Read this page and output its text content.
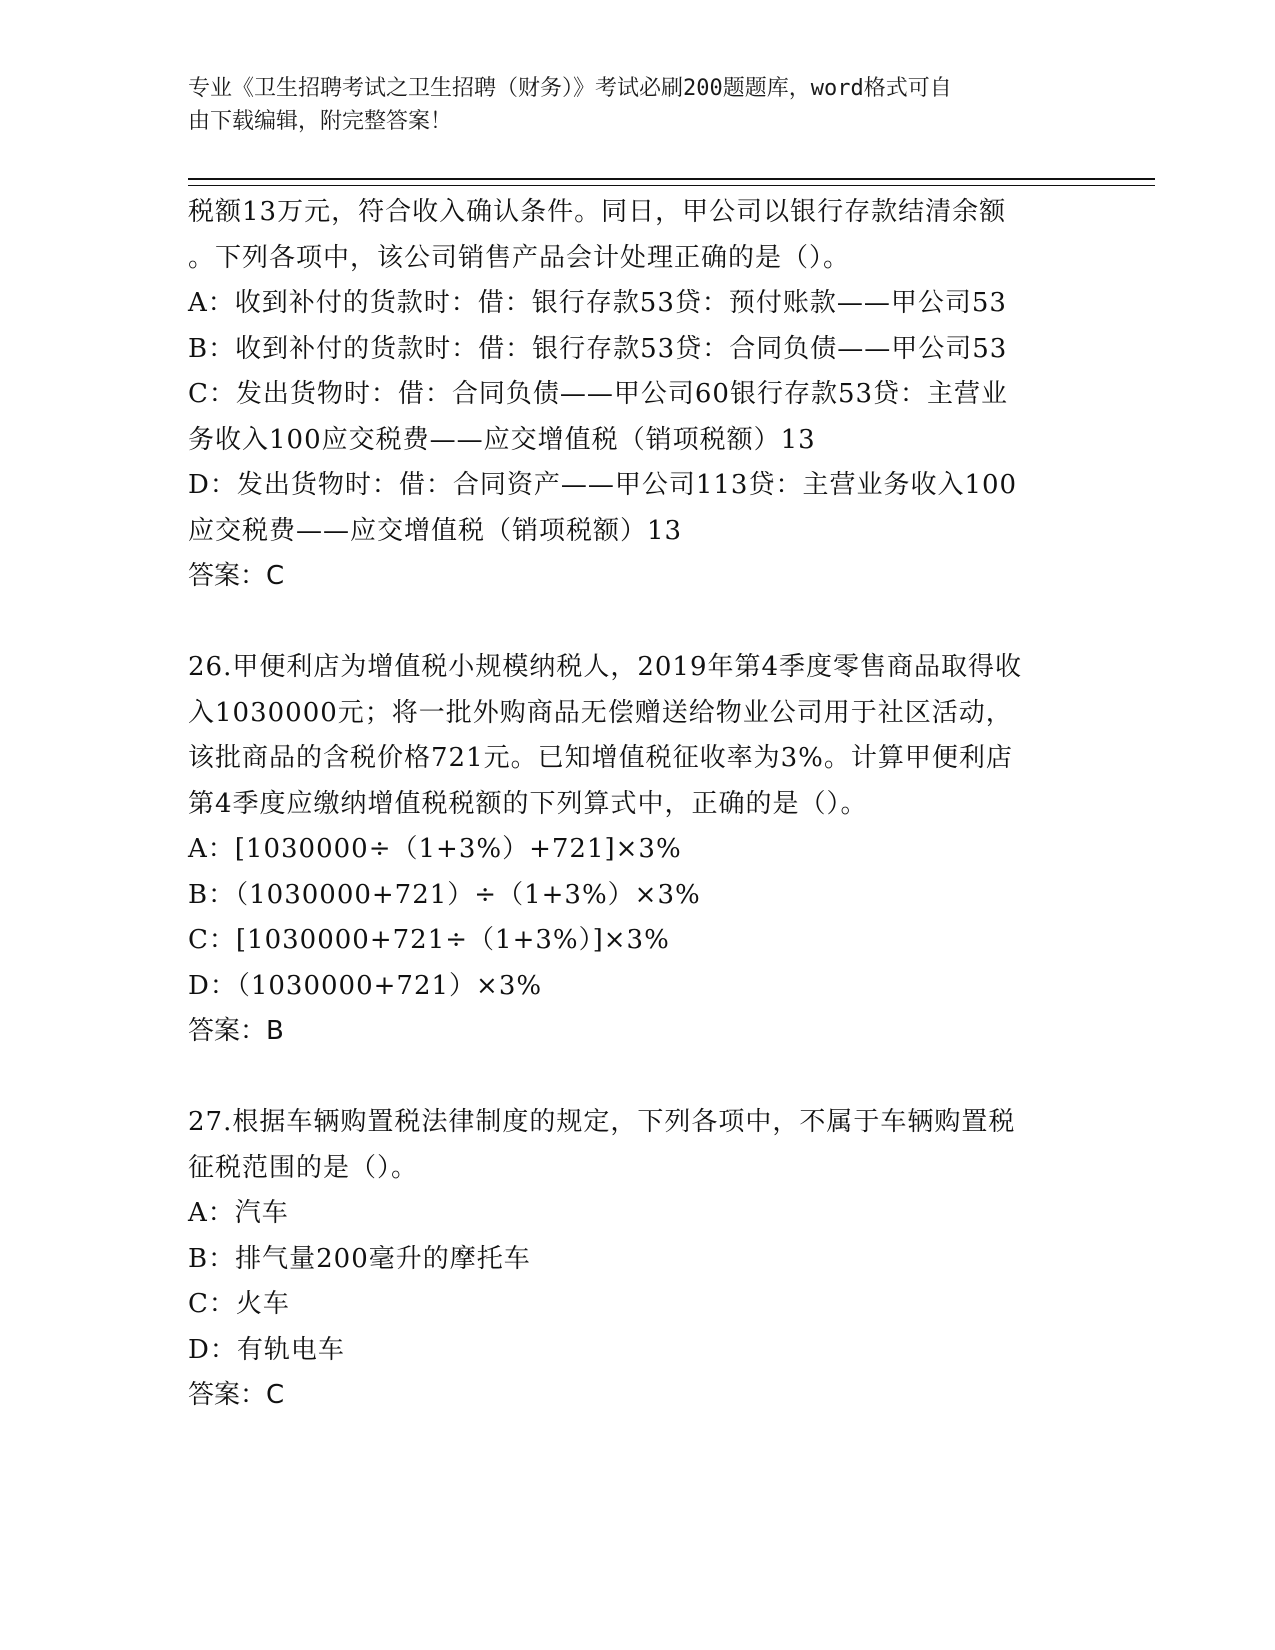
专业《卫生招聘考试之卫生招聘（财务）》考试必刷200题题库，word格式可自
由下载编辑，附完整答案！
税额13万元，符合收入确认条件。同日，甲公司以银行存款结清余额
。下列各项中，该公司销售产品会计处理正确的是（）。
A：收到补付的货款时：借：银行存款53贷：预付账款——甲公司53
B：收到补付的货款时：借：银行存款53贷：合同负债——甲公司53
C：发出货物时：借：合同负债——甲公司60银行存款53贷：主营业
务收入100应交税费——应交增值税（销项税额）13
D：发出货物时：借：合同资产——甲公司113贷：主营业务收入100
应交税费——应交增值税（销项税额）13
答案：C
26.甲便利店为增值税小规模纳税人，2019年第4季度零售商品取得收
入1030000元；将一批外购商品无偿赠送给物业公司用于社区活动，
该批商品的含税价格721元。已知增值税征收率为3%。计算甲便利店
第4季度应缴纳增值税税额的下列算式中，正确的是（）。
A：[1030000÷（1+3%）+721]×3%
B：（1030000+721）÷（1+3%）×3%
C：[1030000+721÷（1+3%）]×3%
D：（1030000+721）×3%
答案：B
27.根据车辆购置税法律制度的规定，下列各项中，不属于车辆购置税
征税范围的是（）。
A：汽车
B：排气量200毫升的摩托车
C：火车
D：有轨电车
答案：C
